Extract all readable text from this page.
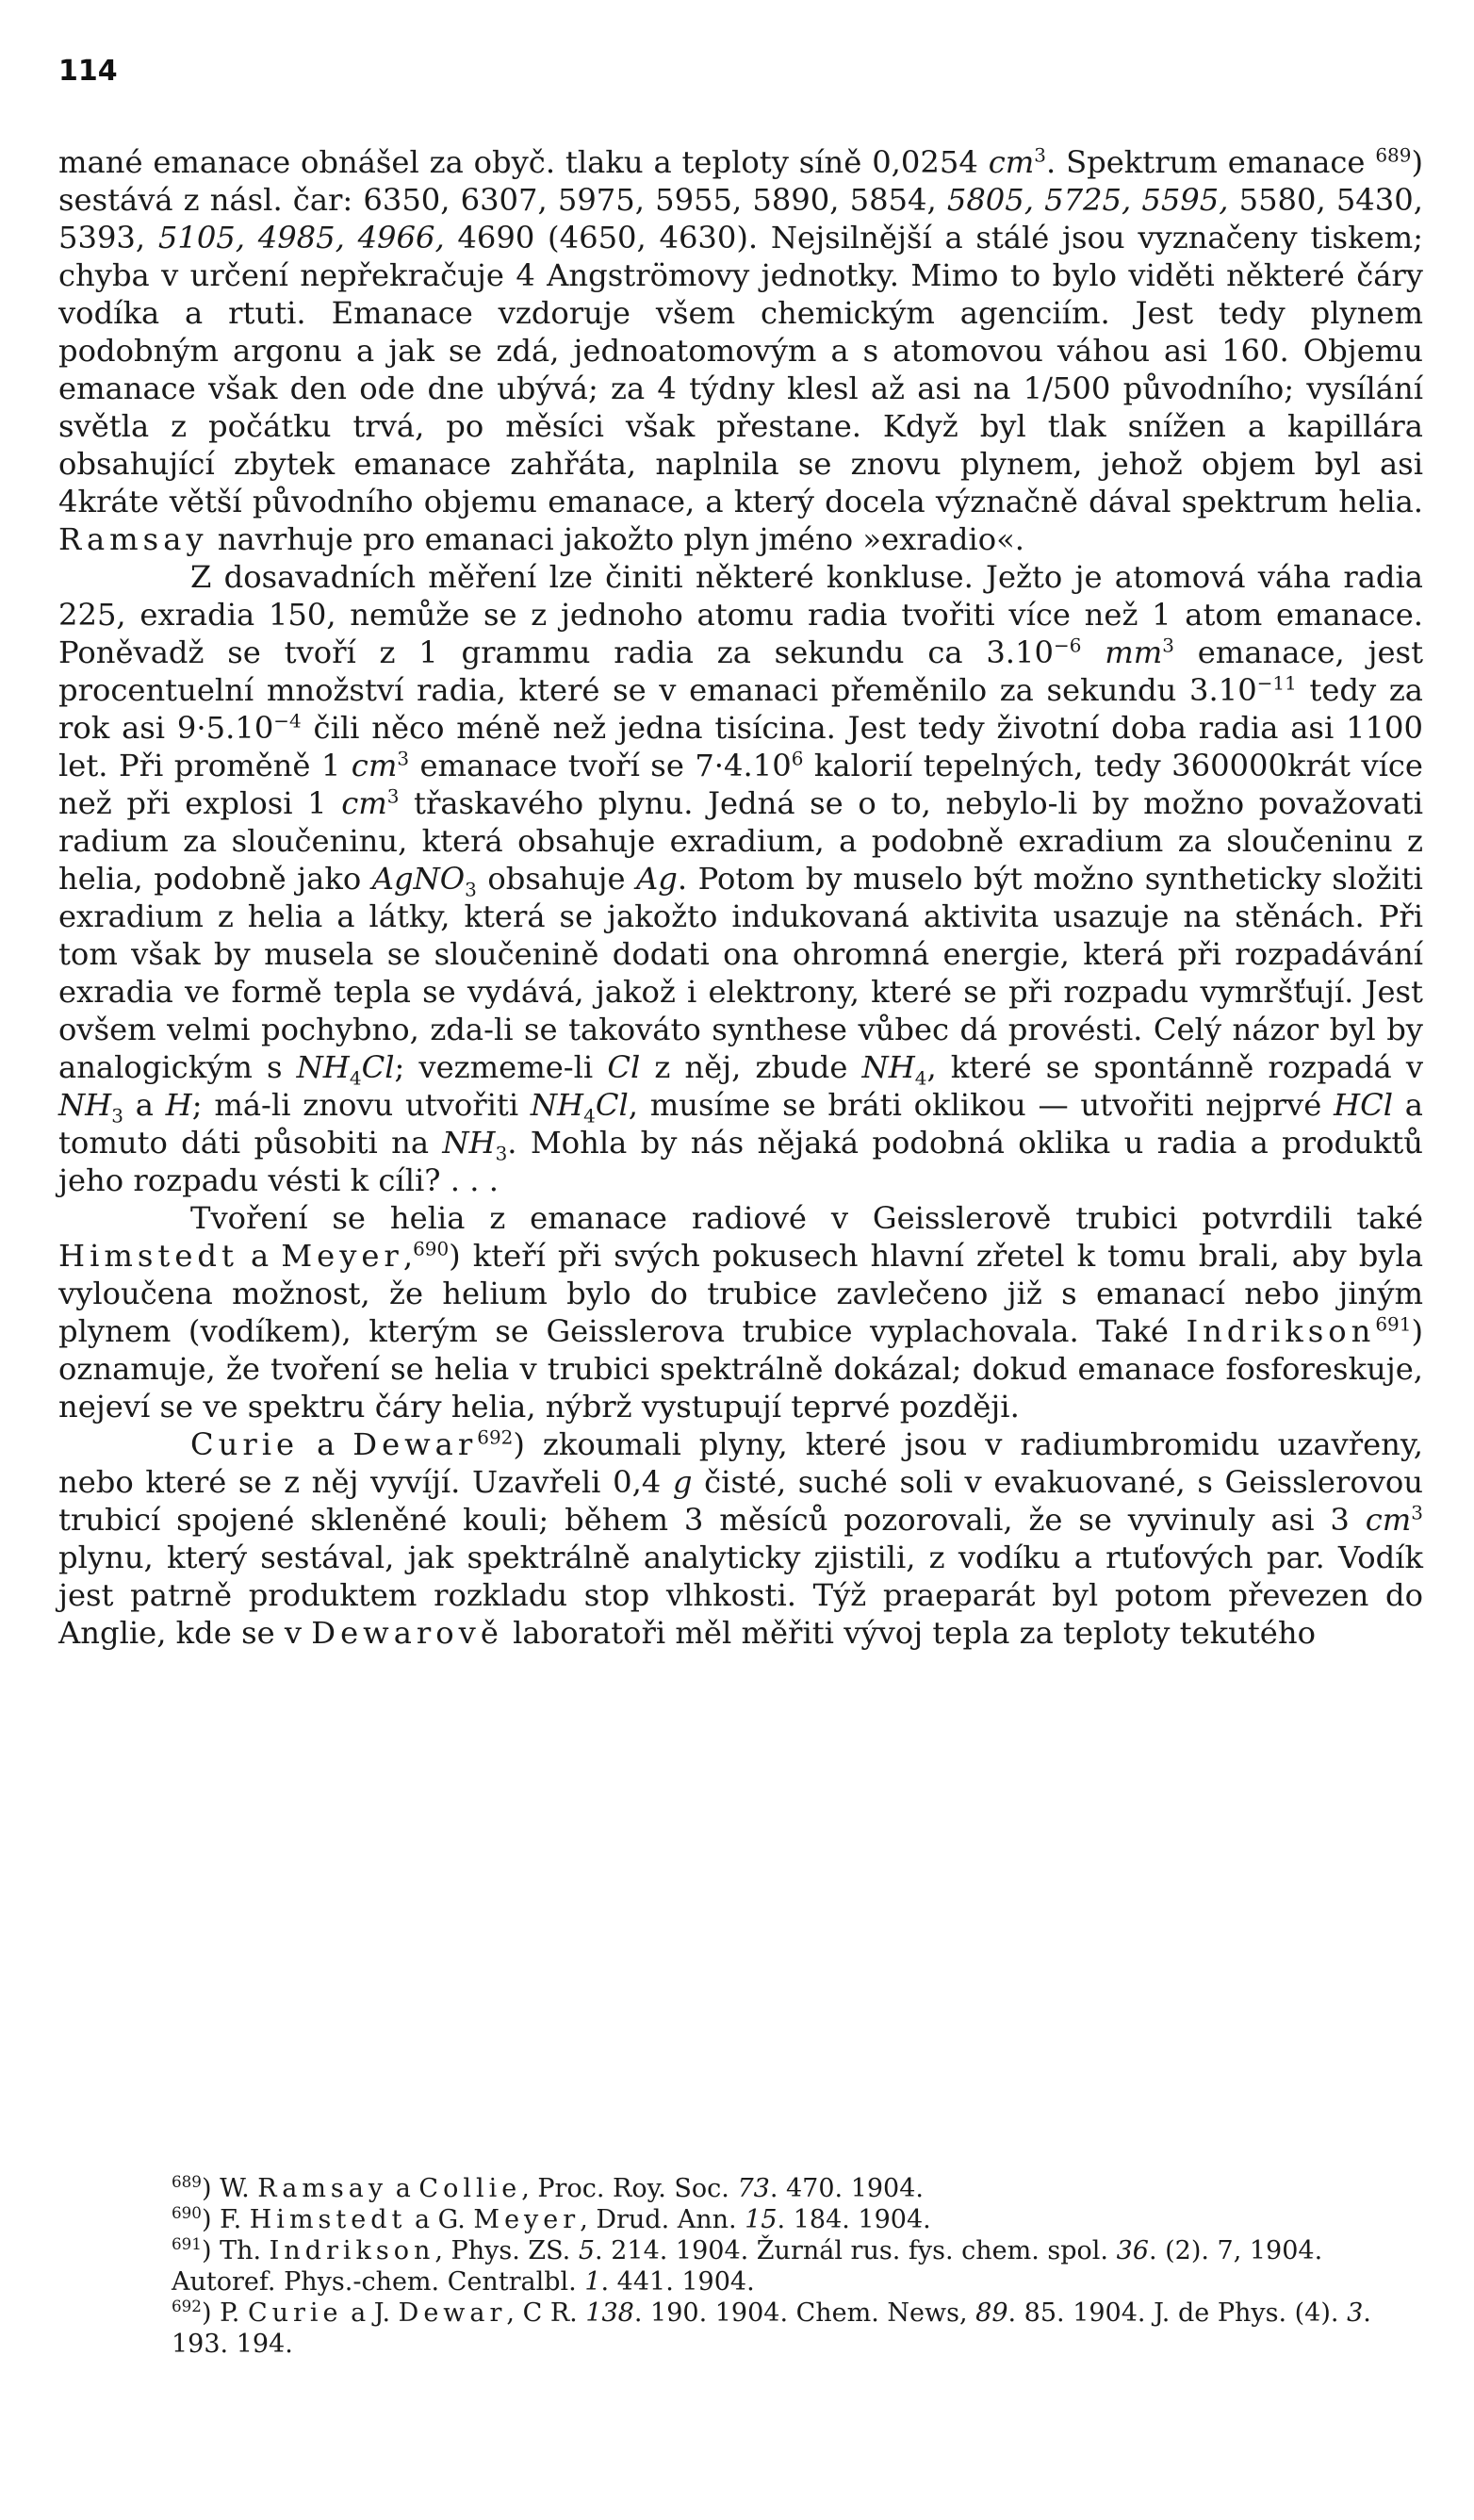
114

mané emanace obnášel za obyč. tlaku a teploty síně 0,0254 $cm^3$. Spektrum emanace $^{689}$) sestává z násl. čar: 6350, 6307, 5975, 5955, 5890, 5854, 5805, 5725, 5595, 5580, 5430, 5393, 5105, 4985, 4966, 4690 (4650, 4630). Nejsilnější a stálé jsou vyznačeny tiskem; chyba v určení nepřekračuje 4 Angströmovy jednotky. Mimo to bylo viděti některé čáry vodíka a rtuti. Emanace vzdoruje všem chemickým agenciím. Jest tedy plynem podobným argonu a jak se zdá, jednoatomovým a s atomovou váhou asi 160. Objemu emanace však den ode dne ubývá; za 4 týdny klesl až asi na 1/500 původního; vysílání světla z počátku trvá, po měsíci však přestane. Když byl tlak snížen a kapillára obsahující zbytek emanace zahřáta, naplnila se znovu plynem, jehož objem byl asi 4kráte větší původního objemu emanace, a který docela význačně dával spektrum helia. Ramsay navrhuje pro emanaci jakožto plyn jméno »exradio«.

Z dosavadních měření lze činiti některé konkluse. Ježto je atomová váha radia 225, exradia 150, nemůže se z jednoho atomu radia tvořiti více než 1 atom emanace. Poněvadž se tvoří z 1 grammu radia za sekundu ca $3.10^{-6}$ $mm^3$ emanace, jest procentuelní množství radia, které se v emanaci přeměnilo za sekundu $3.10^{-11}$ tedy za rok asi $9\cdot 5.10^{-4}$ čili něco méně než jedna tisícina. Jest tedy životní doba radia asi 1100 let. Při proměně 1 $cm^3$ emanace tvoří se $7\cdot 4.10^6$ kalorií tepelných, tedy 360000krát více než při explosi 1 $cm^3$ třaskavého plynu. Jedná se o to, nebylo-li by možno považovati radium za sloučeninu, která obsahuje exradium, a podobně exradium za sloučeninu z helia, podobně jako AgNO$_3$ obsahuje Ag. Potom by muselo být možno syntheticky složiti exradium z helia a látky, která se jakožto indukovaná aktivita usazuje na stěnách. Při tom však by musela se sloučenině dodati ona ohromná energie, která při rozpadávání exradia ve formě tepla se vydává, jakož i elektrony, které se při rozpadu vymršťují. Jest ovšem velmi pochybno, zda-li se takováto synthese vůbec dá provésti. Celý názor byl by analogickým s $NH_4Cl$; vezmeme-li Cl z něj, zbude $NH_4$, které se spontánně rozpadá v $NH_3$ a H; má-li znovu utvořiti $NH_4Cl$, musíme se bráti oklikou — utvořiti nejprvé HCl a tomuto dáti působiti na $NH_3$. Mohla by nás nějaká podobná oklika u radia a produktů jeho rozpadu vésti k cíli? . . .

Tvoření se helia z emanace radiové v Geisslerově trubici potvrdili také Himstedt a Meyer,$^{690}$) kteří při svých pokusech hlavní zřetel k tomu brali, aby byla vyloučena možnost, že helium bylo do trubice zavlečeno již s emanací nebo jiným plynem (vodíkem), kterým se Geisslerova trubice vyplachovala. Také Indrikson$^{691}$) oznamuje, že tvoření se helia v trubici spektrálně dokázal; dokud emanace fosforeskuje, nejeví se ve spektru čáry helia, nýbrž vystupují teprvé později.

Curie a Dewar$^{692}$) zkoumali plyny, které jsou v radiumbromidu uzavřeny, nebo které se z něj vyvíjí. Uzavřeli 0,4 g čisté, suché soli v evakuované, s Geisslerovou trubicí spojené skleněné kouli; během 3 měsíců pozorovali, že se vyvinuly asi 3 $cm^3$ plynu, který sestával, jak spektrálně analyticky zjistili, z vodíku a rtuťových par. Vodík jest patrně produktem rozkladu stop vlhkosti. Týž praeparát byl potom převezen do Anglie, kde se v Dewarově laboratoři měl měřiti vývoj tepla za teploty tekutého

$^{689}$) W. Ramsay a Collie, Proc. Roy. Soc. 73. 470. 1904.

$^{690}$) F. Himstedt a G. Meyer, Drud. Ann. 15. 184. 1904.

$^{691}$) Th. Indrikson, Phys. ZS. 5. 214. 1904. Žurnál rus. fys. chem. spol. 36. (2). 7, 1904. Autoref. Phys.-chem. Centralbl. 1. 441. 1904.

$^{692}$) P. Curie a J. Dewar, C R. 138. 190. 1904. Chem. News, 89. 85. 1904. J. de Phys. (4). 3. 193. 194.
